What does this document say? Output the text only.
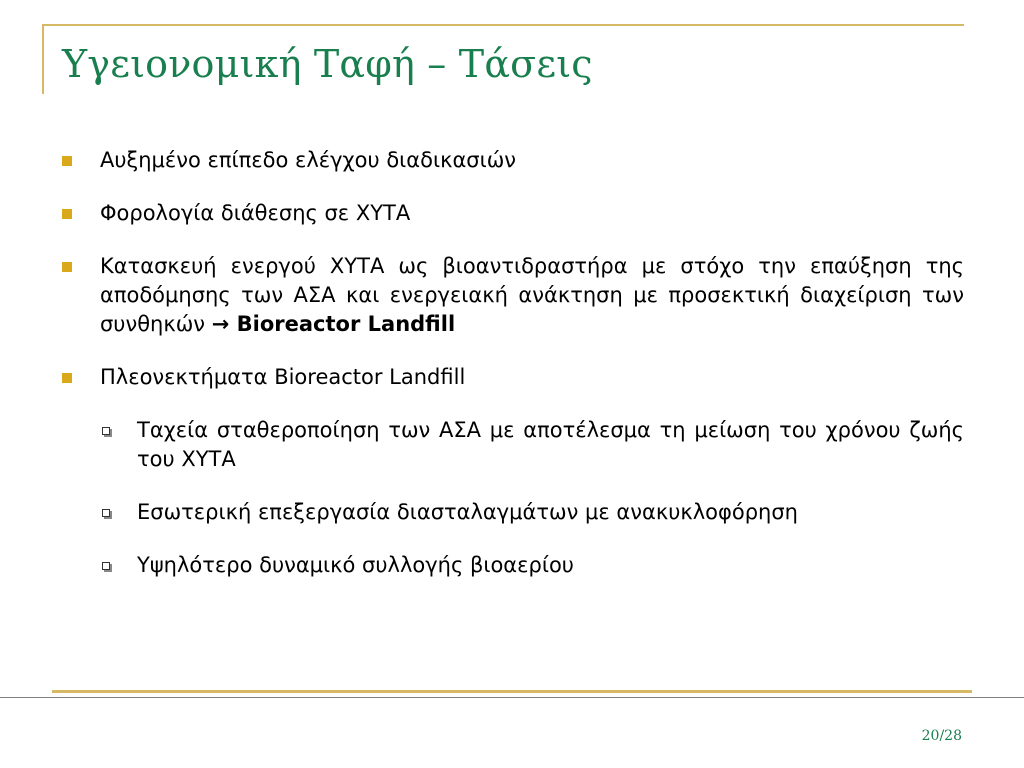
Υγειονομική Ταφή – Τάσεις
Αυξημένο επίπεδο ελέγχου διαδικασιών
Φορολογία διάθεσης σε ΧΥΤΑ
Κατασκευή ενεργού ΧΥΤΑ ως βιοαντιδραστήρα με στόχο την επαύξηση της αποδόμησης των ΑΣΑ και ενεργειακή ανάκτηση με προσεκτική διαχείριση των συνθηκών → Bioreactor Landfill
Πλεονεκτήματα Bioreactor Landfill
Ταχεία σταθεροποίηση των ΑΣΑ με αποτέλεσμα τη μείωση του χρόνου ζωής του ΧΥΤΑ
Εσωτερική επεξεργασία διασταλαγμάτων με ανακυκλοφόρηση
Υψηλότερο δυναμικό συλλογής βιοαερίου
20/28
